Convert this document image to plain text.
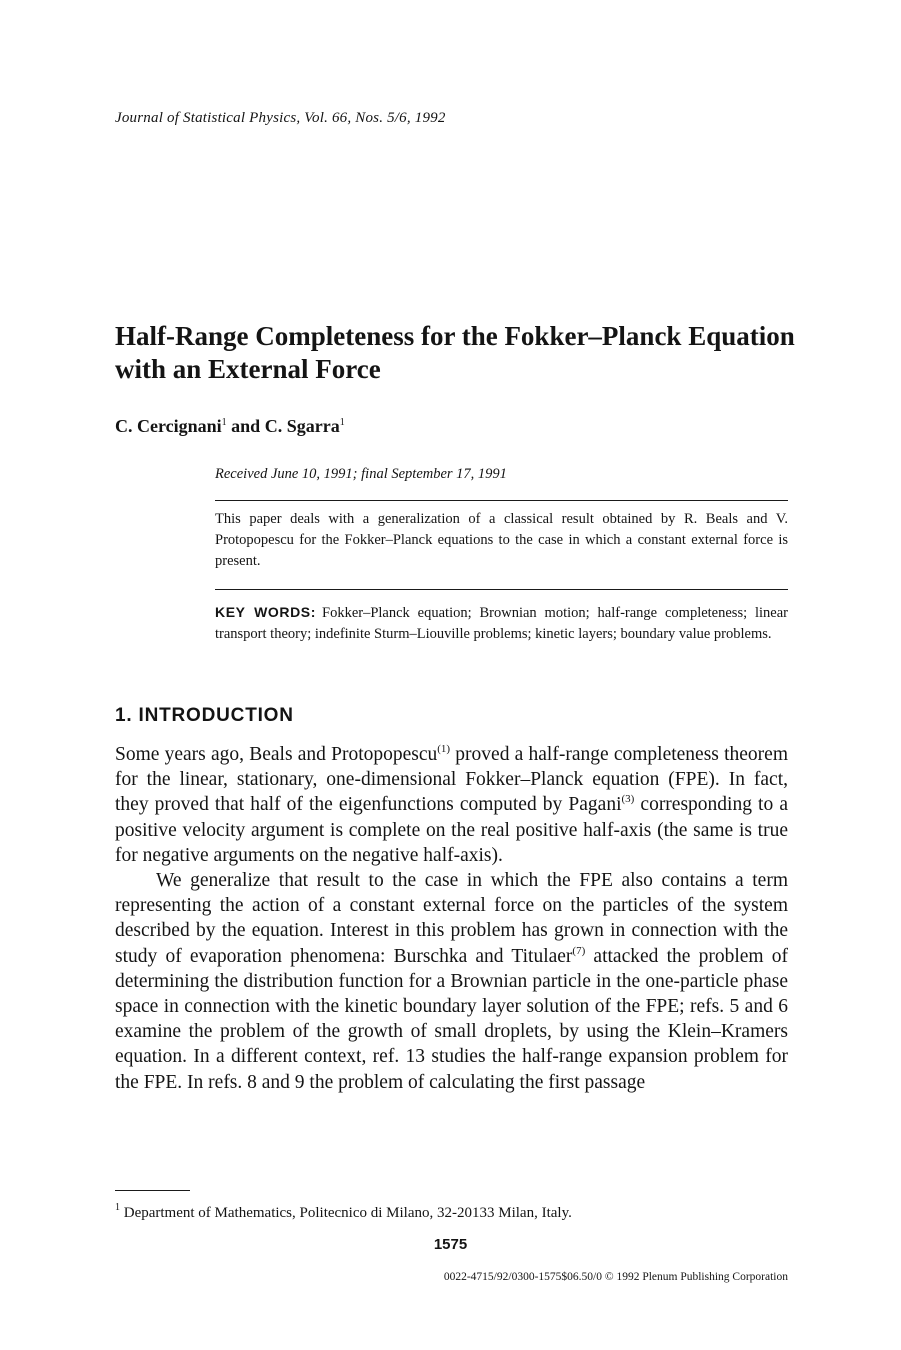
Journal of Statistical Physics, Vol. 66, Nos. 5/6, 1992
Half-Range Completeness for the Fokker–Planck Equation with an External Force
C. Cercignani$^1$ and C. Sgarra$^1$
Received June 10, 1991; final September 17, 1991

This paper deals with a generalization of a classical result obtained by R. Beals and V. Protopopescu for the Fokker–Planck equations to the case in which a constant external force is present.

KEY WORDS: Fokker–Planck equation; Brownian motion; half-range completeness; linear transport theory; indefinite Sturm–Liouville problems; kinetic layers; boundary value problems.

1. INTRODUCTION

Some years ago, Beals and Protopopescu$^{(1)}$ proved a half-range completeness theorem for the linear, stationary, one-dimensional Fokker–Planck equation (FPE). In fact, they proved that half of the eigenfunctions computed by Pagani$^{(3)}$ corresponding to a positive velocity argument is complete on the real positive half-axis (the same is true for negative arguments on the negative half-axis).

We generalize that result to the case in which the FPE also contains a term representing the action of a constant external force on the particles of the system described by the equation. Interest in this problem has grown in connection with the study of evaporation phenomena: Burschka and Titulaer$^{(7)}$ attacked the problem of determining the distribution function for a Brownian particle in the one-particle phase space in connection with the kinetic boundary layer solution of the FPE; refs. 5 and 6 examine the problem of the growth of small droplets, by using the Klein–Kramers equation. In a different context, ref. 13 studies the half-range expansion problem for the FPE. In refs. 8 and 9 the problem of calculating the first passage

$^1$ Department of Mathematics, Politecnico di Milano, 32-20133 Milan, Italy.
1575
0022-4715/92/0300-1575$06.50/0 © 1992 Plenum Publishing Corporation
